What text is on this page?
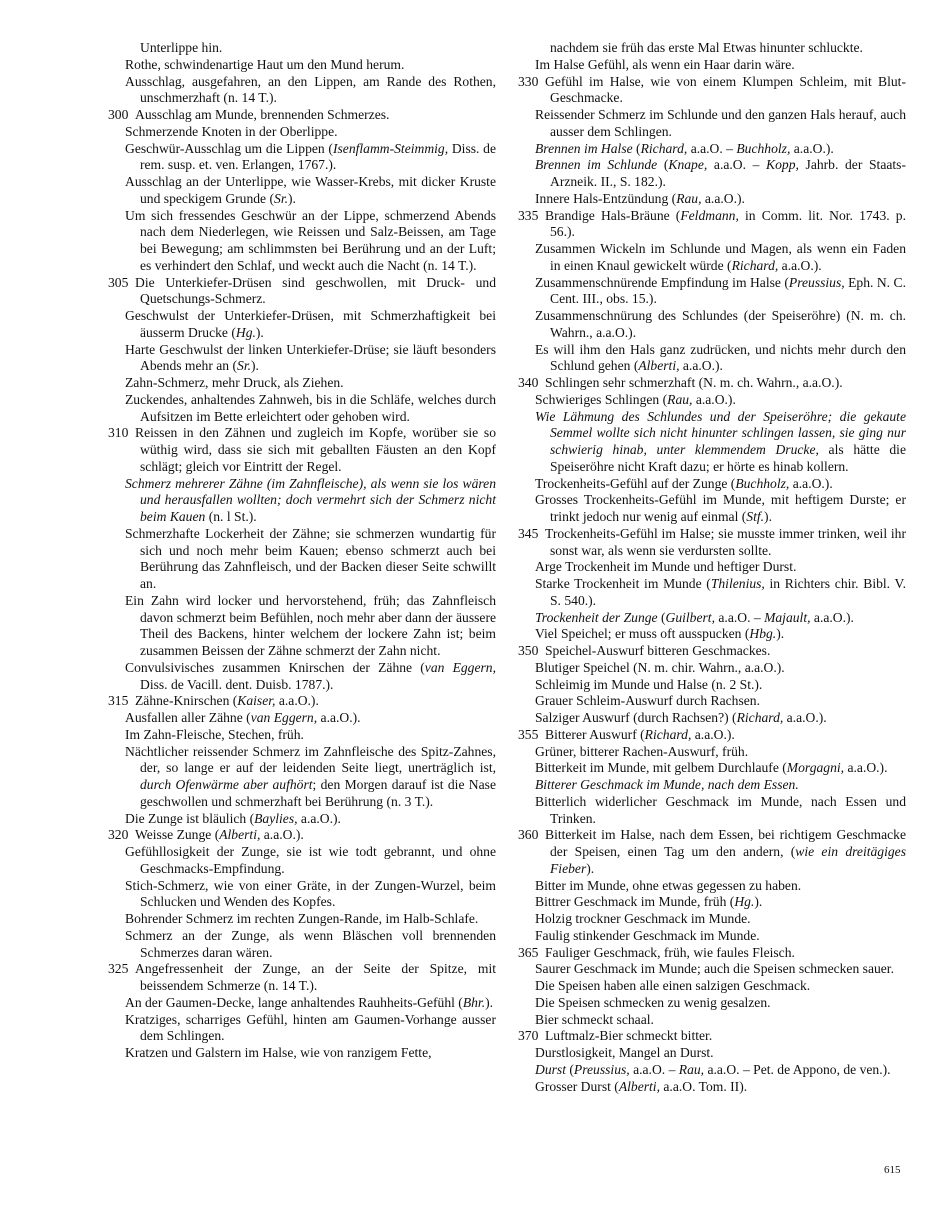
Unterlippe hin.

Rothe, schwindenartige Haut um den Mund herum.

Ausschlag, ausgefahren, an den Lippen, am Rande des Rothen, unschmerzhaft (n. 14 T.).

300 Ausschlag am Munde, brennenden Schmerzes.

Schmerzende Knoten in der Oberlippe.

Geschwür-Ausschlag um die Lippen (Isenflamm-Steimmig, Diss. de rem. susp. et. ven. Erlangen, 1767.).

Ausschlag an der Unterlippe, wie Wasser-Krebs, mit dicker Kruste und speckigem Grunde (Sr.).

Um sich fressendes Geschwür an der Lippe, schmerzend Abends nach dem Niederlegen, wie Reissen und Salz-Beissen, am Tage bei Bewegung; am schlimmsten bei Berührung und an der Luft; es verhindert den Schlaf, und weckt auch die Nacht (n. 14 T.).

305 Die Unterkiefer-Drüsen sind geschwollen, mit Druck- und Quetschungs-Schmerz.

Geschwulst der Unterkiefer-Drüsen, mit Schmerzhaftigkeit bei äusserm Drucke (Hg.).

Harte Geschwulst der linken Unterkiefer-Drüse; sie läuft besonders Abends mehr an (Sr.).

Zahn-Schmerz, mehr Druck, als Ziehen.

Zuckendes, anhaltendes Zahnweh, bis in die Schläfe, welches durch Aufsitzen im Bette erleichtert oder gehoben wird.

310 Reissen in den Zähnen und zugleich im Kopfe, worüber sie so wüthig wird, dass sie sich mit geballten Fäusten an den Kopf schlägt; gleich vor Eintritt der Regel.

Schmerz mehrerer Zähne (im Zahnfleische), als wenn sie los wären und herausfallen wollten; doch vermehrt sich der Schmerz nicht beim Kauen (n. l St.).

Schmerzhafte Lockerheit der Zähne; sie schmerzen wundartig für sich und noch mehr beim Kauen; ebenso schmerzt auch bei Berührung das Zahnfleisch, und der Backen dieser Seite schwillt an.

Ein Zahn wird locker und hervorstehend, früh; das Zahnfleisch davon schmerzt beim Befühlen, noch mehr aber dann der äussere Theil des Backens, hinter welchem der lockere Zahn ist; beim zusammen Beissen der Zähne schmerzt der Zahn nicht.

Convulsivisches zusammen Knirschen der Zähne (van Eggern, Diss. de Vacill. dent. Duisb. 1787.).

315 Zähne-Knirschen (Kaiser, a.a.O.).

Ausfallen aller Zähne (van Eggern, a.a.O.).

Im Zahn-Fleische, Stechen, früh.

Nächtlicher reissender Schmerz im Zahnfleische des Spitz-Zahnes, der, so lange er auf der leidenden Seite liegt, unerträglich ist, durch Ofenwärme aber aufhört; den Morgen darauf ist die Nase geschwollen und schmerzhaft bei Berührung (n. 3 T.).

Die Zunge ist bläulich (Baylies, a.a.O.).

320 Weisse Zunge (Alberti, a.a.O.).

Gefühllosigkeit der Zunge, sie ist wie todt gebrannt, und ohne Geschmacks-Empfindung.

Stich-Schmerz, wie von einer Gräte, in der Zungen-Wurzel, beim Schlucken und Wenden des Kopfes.

Bohrender Schmerz im rechten Zungen-Rande, im Halb-Schlafe.

Schmerz an der Zunge, als wenn Bläschen voll brennenden Schmerzes daran wären.

325 Angefressenheit der Zunge, an der Seite der Spitze, mit beissendem Schmerze (n. 14 T.).

An der Gaumen-Decke, lange anhaltendes Rauhheits-Gefühl (Bhr.).

Kratziges, scharriges Gefühl, hinten am Gaumen-Vorhange ausser dem Schlingen.

Kratzen und Galstern im Halse, wie von ranzigem Fette,

nachdem sie früh das erste Mal Etwas hinunter schluckte.

Im Halse Gefühl, als wenn ein Haar darin wäre.

330 Gefühl im Halse, wie von einem Klumpen Schleim, mit Blut-Geschmacke.

Reissender Schmerz im Schlunde und den ganzen Hals herauf, auch ausser dem Schlingen.

Brennen im Halse (Richard, a.a.O. – Buchholz, a.a.O.).

Brennen im Schlunde (Knape, a.a.O. – Kopp, Jahrb. der Staats-Arzneik. II., S. 182.).

Innere Hals-Entzündung (Rau, a.a.O.).

335 Brandige Hals-Bräune (Feldmann, in Comm. lit. Nor. 1743. p. 56.).

Zusammen Wickeln im Schlunde und Magen, als wenn ein Faden in einen Knaul gewickelt würde (Richard, a.a.O.).

Zusammenschnürende Empfindung im Halse (Preussius, Eph. N. C. Cent. III., obs. 15.).

Zusammenschnürung des Schlundes (der Speiseröhre) (N. m. ch. Wahrn., a.a.O.).

Es will ihm den Hals ganz zudrücken, und nichts mehr durch den Schlund gehen (Alberti, a.a.O.).

340 Schlingen sehr schmerzhaft (N. m. ch. Wahrn., a.a.O.).

Schwieriges Schlingen (Rau, a.a.O.).

Wie Lähmung des Schlundes und der Speiseröhre; die gekaute Semmel wollte sich nicht hinunter schlingen lassen, sie ging nur schwierig hinab, unter klemmendem Drucke, als hätte die Speiseröhre nicht Kraft dazu; er hörte es hinab kollern.

Trockenheits-Gefühl auf der Zunge (Buchholz, a.a.O.).

Grosses Trockenheits-Gefühl im Munde, mit heftigem Durste; er trinkt jedoch nur wenig auf einmal (Stf.).

345 Trockenheits-Gefühl im Halse; sie musste immer trinken, weil ihr sonst war, als wenn sie verdursten sollte.

Arge Trockenheit im Munde und heftiger Durst.

Starke Trockenheit im Munde (Thilenius, in Richters chir. Bibl. V. S. 540.).

Trockenheit der Zunge (Guilbert, a.a.O. – Majault, a.a.O.).

Viel Speichel; er muss oft ausspucken (Hbg.).

350 Speichel-Auswurf bitteren Geschmackes.

Blutiger Speichel (N. m. chir. Wahrn., a.a.O.).

Schleimig im Munde und Halse (n. 2 St.).

Grauer Schleim-Auswurf durch Rachsen.

Salziger Auswurf (durch Rachsen?) (Richard, a.a.O.).

355 Bitterer Auswurf (Richard, a.a.O.).

Grüner, bitterer Rachen-Auswurf, früh.

Bitterkeit im Munde, mit gelbem Durchlaufe (Morgagni, a.a.O.).

Bitterer Geschmack im Munde, nach dem Essen.

Bitterlich widerlicher Geschmack im Munde, nach Essen und Trinken.

360 Bitterkeit im Halse, nach dem Essen, bei richtigem Geschmacke der Speisen, einen Tag um den andern, (wie ein dreitägiges Fieber).

Bitter im Munde, ohne etwas gegessen zu haben.

Bittrer Geschmack im Munde, früh (Hg.).

Holzig trockner Geschmack im Munde.

Faulig stinkender Geschmack im Munde.

365 Fauliger Geschmack, früh, wie faules Fleisch.

Saurer Geschmack im Munde; auch die Speisen schmecken sauer.

Die Speisen haben alle einen salzigen Geschmack.

Die Speisen schmecken zu wenig gesalzen.

Bier schmeckt schaal.

370 Luftmalz-Bier schmeckt bitter.

Durstlosigkeit, Mangel an Durst.

Durst (Preussius, a.a.O. – Rau, a.a.O. – Pet. de Appono, de ven.).

Grosser Durst (Alberti, a.a.O. Tom. II).

615
